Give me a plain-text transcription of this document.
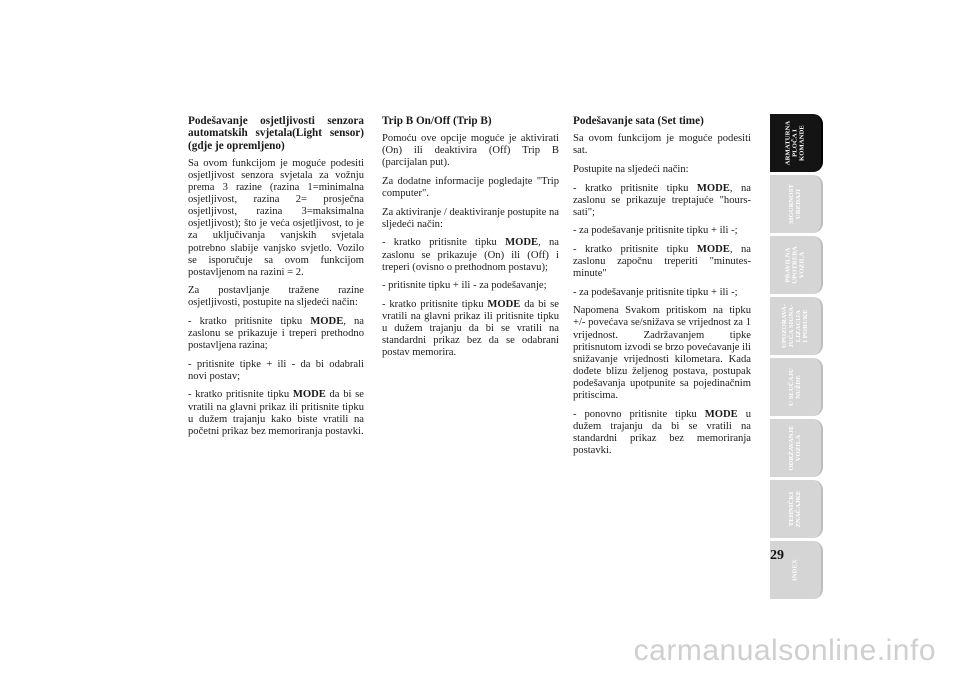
Podešavanje osjetljivosti senzora automatskih svjetala(Light sensor) (gdje je opremljeno)

Sa ovom funkcijom je moguće podesiti osjetljivost senzora svjetala za vožnju prema 3 razine (razina 1=minimalna osjetljivost, razina 2= prosječna osjetljivost, razina 3=maksimalna osjetljivost); što je veća osjetljivost, to je za uključivanja vanjskih svjetala potrebno slabije vanjsko svjetlo. Vozilo se isporučuje sa ovom funkcijom postavljenom na razini = 2.

Za postavljanje tražene razine osjetljivosti, postupite na sljedeći način:

- kratko pritisnite tipku MODE, na zaslonu se prikazuje i treperi prethodno postavljena razina;

- pritisnite tipke + ili - da bi odabrali novi postav;

- kratko pritisnite tipku MODE da bi se vratili na glavni prikaz ili pritisnite tipku u dužem trajanju kako biste vratili na početni prikaz bez memoriranja postavki.

Trip B On/Off (Trip B)

Pomoću ove opcije moguće je aktivirati (On) ili deaktivira (Off) Trip B (parcijalan put).

Za dodatne informacije pogledajte "Trip computer".

Za aktiviranje / deaktiviranje postupite na sljedeći način:

- kratko pritisnite tipku MODE, na zaslonu se prikazuje (On) ili (Off) i treperi (ovisno o prethodnom postavu);

- pritisnite tipku + ili - za podešavanje;

- kratko pritisnite tipku MODE da bi se vratili na glavni prikaz ili pritisnite tipku u dužem trajanju da bi se vratili na standardni prikaz bez da se odabrani postav memorira.

Podešavanje sata (Set time)

Sa ovom funkcijom je moguće podesiti sat.

Postupite na sljedeći način:

- kratko pritisnite tipku MODE, na zaslonu se prikazuje treptajuće "hours-sati";

- za podešavanje pritisnite tipku + ili -;

- kratko pritisnite tipku MODE, na zaslonu započnu treperiti "minutes-minute"

- za podešavanje pritisnite tipku + ili -;

Napomena Svakom pritiskom na tipku +/- povećava se/snižava se vrijednost za 1 vrijednost. Zadržavanjem tipke pritisnutom izvodi se brzo povećavanje ili snižavanje vrijednosti kilometara. Kada dođete blizu željenog postava, postupak podešavanja upotpunite sa pojedinačnim pritiscima.

- ponovno pritisnite tipku MODE u dužem trajanju da bi se vratili na standardni prikaz bez memoriranja postavki.

ARMATURNA
PLOČA I
KOMANDE
SIGURNOST
UREĐAJI
PRAVILNA
UPOTREBA
VOZILA
UPOZORAVA-
JUĆA SIGNA-
LIZACIJA
I PORUKE
U SLUČAJU
NUŽDE
ODRŽAVANJE
VOZILA
TEHNIČKI
ZNAČAJKE
INDEX
29
carmanualsonline.info
